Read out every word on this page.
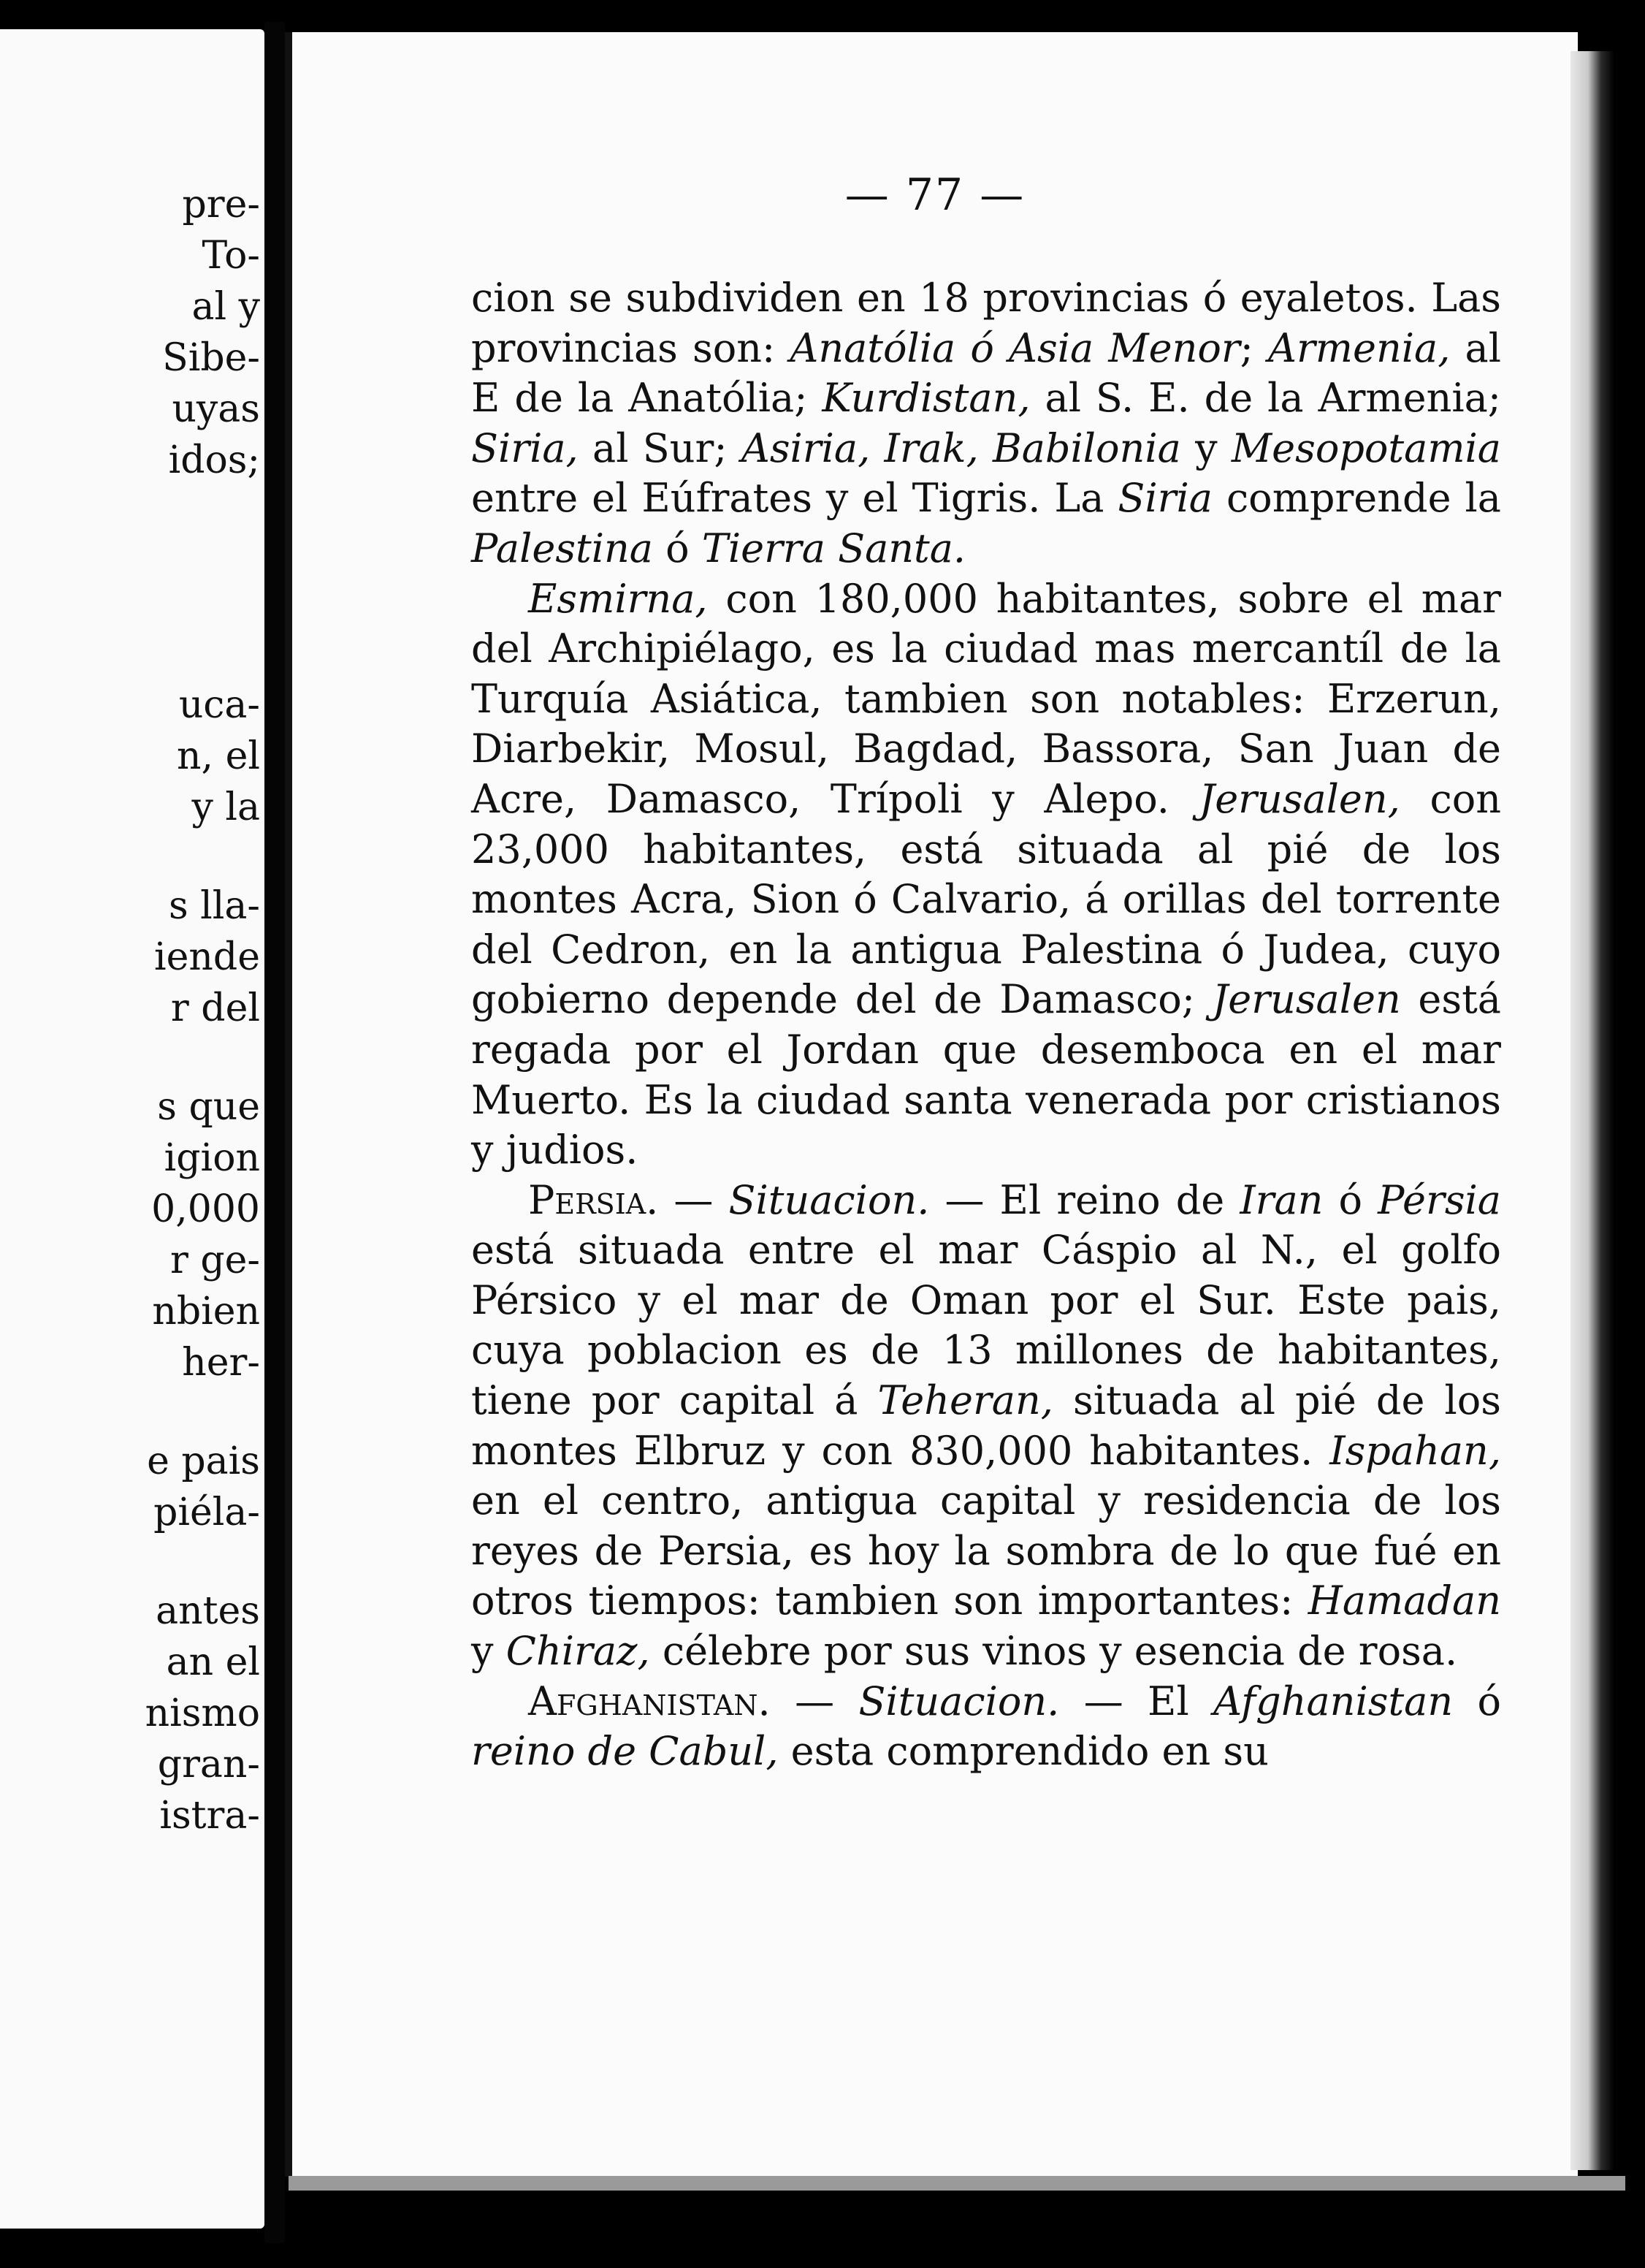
pre-
To-
al y
Sibe-
uyas
idos;
uca-
n, el
y la
s lla-
iende
r del
s que
igion
0,000
r ge-
nbien
her-
e pais
piéla-
antes
an el
nismo
gran-
istra-
— 77 —

cion se subdividen en 18 provincias ó eyaletos. Las provincias son: Anatólia ó Asia Menor; Armenia, al E de la Anatólia; Kurdistan, al S. E. de la Armenia; Siria, al Sur; Asiria, Irak, Babilonia y Mesopotamia entre el Eúfrates y el Tigris. La Siria comprende la Palestina ó Tierra Santa.

Esmirna, con 180,000 habitantes, sobre el mar del Archipiélago, es la ciudad mas mercantíl de la Turquía Asiática, tambien son notables: Erzerun, Diarbekir, Mosul, Bagdad, Bassora, San Juan de Acre, Damasco, Trípoli y Alepo. Jerusalen, con 23,000 habitantes, está situada al pié de los montes Acra, Sion ó Calvario, á orillas del torrente del Cedron, en la antigua Palestina ó Judea, cuyo gobierno depende del de Damasco; Jerusalen está regada por el Jordan que desemboca en el mar Muerto. Es la ciudad santa venerada por cristianos y judios.

Persia. — Situacion. — El reino de Iran ó Pérsia está situada entre el mar Cáspio al N., el golfo Pérsico y el mar de Oman por el Sur. Este pais, cuya poblacion es de 13 millones de habitantes, tiene por capital á Teheran, situada al pié de los montes Elbruz y con 830,000 habitantes. Ispahan, en el centro, antigua capital y residencia de los reyes de Persia, es hoy la sombra de lo que fué en otros tiempos: tambien son importantes: Hamadan y Chiraz, célebre por sus vinos y esencia de rosa.

Afghanistan. — Situacion. — El Afghanistan ó reino de Cabul, esta comprendido en su
